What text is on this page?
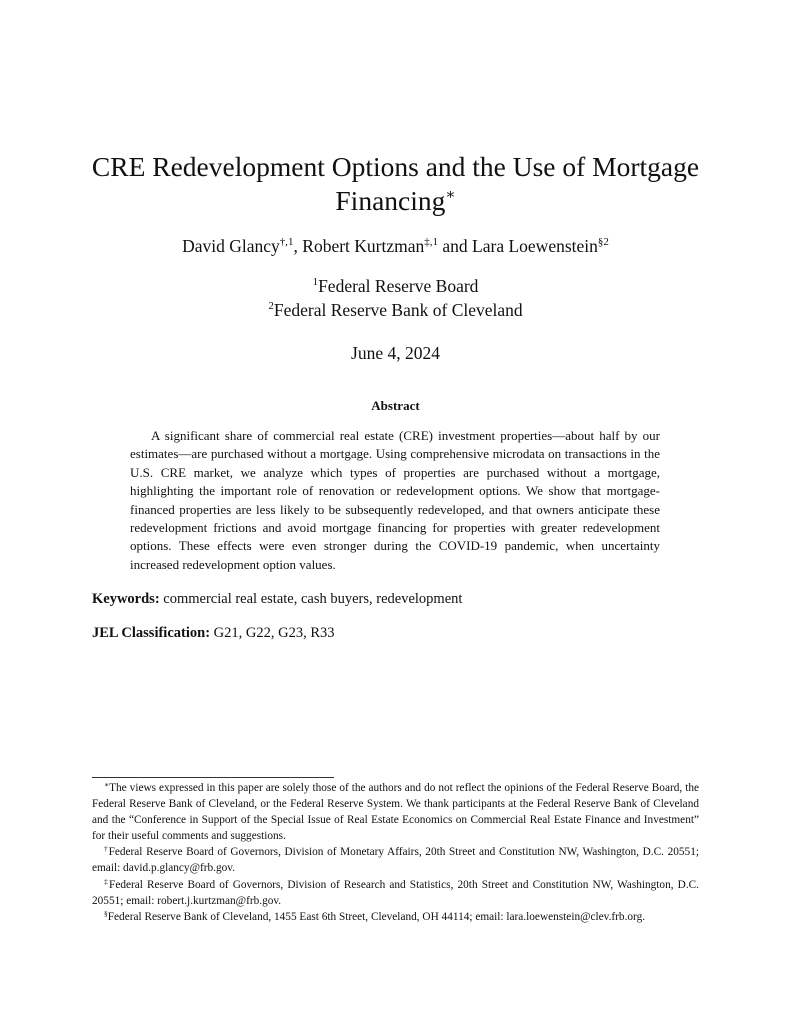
CRE Redevelopment Options and the Use of Mortgage
Financing∗
David Glancy$^{\dagger,1}$, Robert Kurtzman$^{\ddagger,1}$ and Lara Loewenstein$^{\S 2}$
$^1$Federal Reserve Board
$^2$Federal Reserve Bank of Cleveland
June 4, 2024
Abstract

A significant share of commercial real estate (CRE) investment properties—about half by our estimates—are purchased without a mortgage. Using comprehensive microdata on transactions in the U.S. CRE market, we analyze which types of properties are purchased without a mortgage, highlighting the important role of renovation or redevelopment options. We show that mortgage-financed properties are less likely to be subsequently redeveloped, and that owners anticipate these redevelopment frictions and avoid mortgage financing for properties with greater redevelopment options. These effects were even stronger during the COVID-19 pandemic, when uncertainty increased redevelopment option values.

Keywords: commercial real estate, cash buyers, redevelopment
JEL Classification: G21, G22, G23, R33

∗The views expressed in this paper are solely those of the authors and do not reflect the opinions of the Federal Reserve Board, the Federal Reserve Bank of Cleveland, or the Federal Reserve System. We thank participants at the Federal Reserve Bank of Cleveland and the “Conference in Support of the Special Issue of Real Estate Economics on Commercial Real Estate Finance and Investment” for their useful comments and suggestions.

†Federal Reserve Board of Governors, Division of Monetary Affairs, 20th Street and Constitution NW, Washington, D.C. 20551; email: david.p.glancy@frb.gov.

‡Federal Reserve Board of Governors, Division of Research and Statistics, 20th Street and Constitution NW, Washington, D.C. 20551; email: robert.j.kurtzman@frb.gov.

§Federal Reserve Bank of Cleveland, 1455 East 6th Street, Cleveland, OH 44114; email: lara.loewenstein@clev.frb.org.
